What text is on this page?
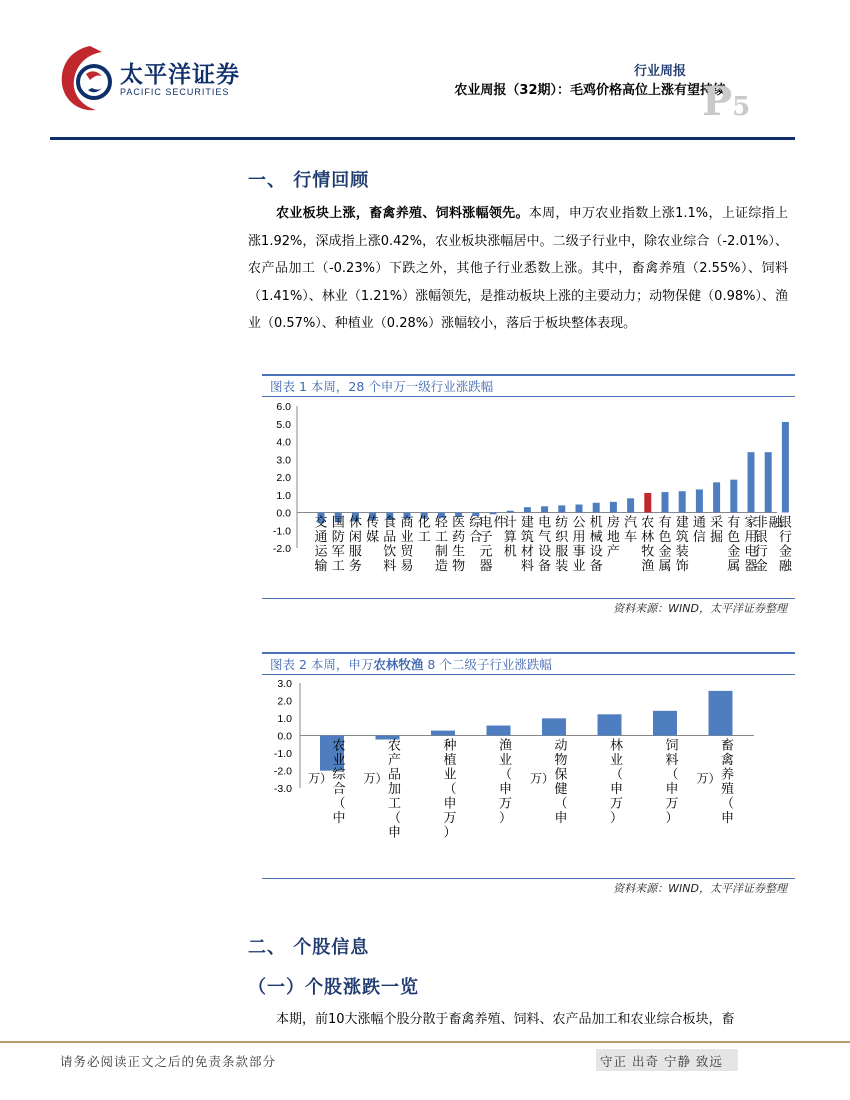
太平洋证券
PACIFIC SECURITIES
行业周报
农业周报（32期）：毛鸡价格高位上涨有望持续
P5
一、 行情回顾
农业板块上涨，畜禽养殖、饲料涨幅领先。本周，申万农业指数上涨1.1%，上证综指上涨1.92%，深成指上涨0.42%，农业板块涨幅居中。二级子行业中，除农业综合（-2.01%）、农产品加工（-0.23%）下跌之外，其他子行业悉数上涨。其中，畜禽养殖（2.55%）、饲料（1.41%）、林业（1.21%）涨幅领先，是推动板块上涨的主要动力；动物保健（0.98%）、渔业（0.57%）、种植业（0.28%）涨幅较小，落后于板块整体表现。
图表 1 本周，28 个申万一级行业涨跌幅
资料来源：WIND，太平洋证券整理
6.0
5.0
4.0
3.0
2.0
1.0
0.0
-1.0
-2.0
交通运输
国防军工
休闲服务
传媒
食品饮料
商业贸易
化工
轻工制造
医药生物
综合
电子元器
件
计算机
建筑材料
电气设备
纺织服装
公用事业
机械设备
房地产
汽车
农林牧渔
有色金属
建筑装饰
通信
采掘
有色金属
家用电器
非银行金
融
银行金融
图表 2 本周，申万农林牧渔 8 个二级子行业涨跌幅
资料来源：WIND，太平洋证券整理
3.0
2.0
1.0
0.0
-1.0
-2.0
-3.0
农业综合（中
万）
农产品加工（申
万）
种植业（申万）
渔业（申万）
动物保健（申
万）
林业（申万）
饲料（申万）
畜禽养殖（申
万）
二、 个股信息
（一）个股涨跌一览
本期，前10大涨幅个股分散于畜禽养殖、饲料、农产品加工和农业综合板块，畜
请务必阅读正文之后的免责条款部分	守正 出奇 宁静 致远
